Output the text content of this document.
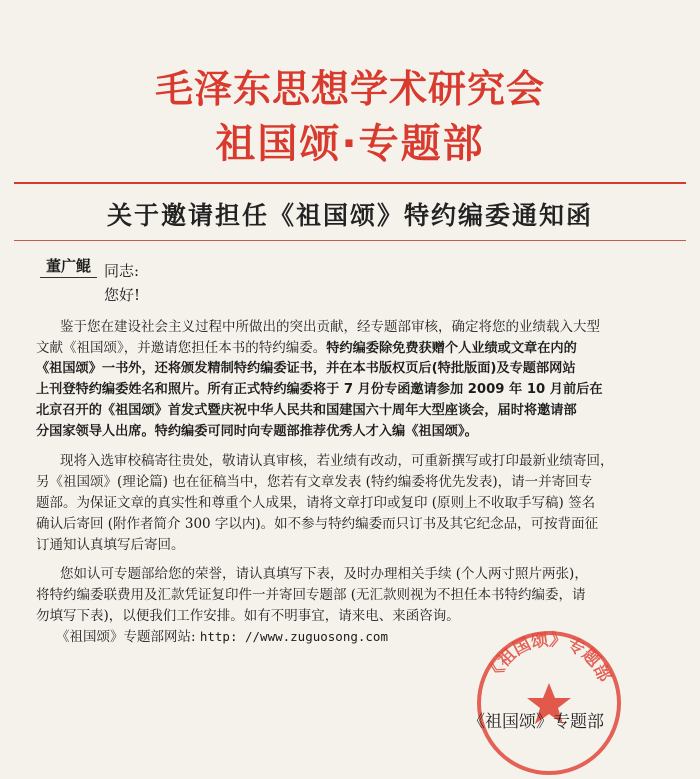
毛泽东思想学术研究会
祖国颂·专题部
关于邀请担任《祖国颂》特约编委通知函
董广鲲 同志:
您好!
鉴于您在建设社会主义过程中所做出的突出贡献，经专题部审核，确定将您的业绩载入大型
文献《祖国颂》，并邀请您担任本书的特约编委。特约编委除免费获赠个人业绩或文章在内的
《祖国颂》一书外，还将颁发精制特约编委证书，并在本书版权页后(特批版面)及专题部网站
上刊登特约编委姓名和照片。所有正式特约编委将于 7 月份专函邀请参加 2009 年 10 月前后在
北京召开的《祖国颂》首发式暨庆祝中华人民共和国建国六十周年大型座谈会，届时将邀请部
分国家领导人出席。特约编委可同时向专题部推荐优秀人才入编《祖国颂》。
现将入选审校稿寄往贵处，敬请认真审核，若业绩有改动，可重新撰写或打印最新业绩寄回，
另《祖国颂》(理论篇) 也在征稿当中，您若有文章发表 (特约编委将优先发表)，请一并寄回专
题部。为保证文章的真实性和尊重个人成果，请将文章打印或复印 (原则上不收取手写稿) 签名
确认后寄回 (附作者简介 300 字以内)。如不参与特约编委而只订书及其它纪念品，可按背面征
订通知认真填写后寄回。
您如认可专题部给您的荣誉，请认真填写下表，及时办理相关手续 (个人两寸照片两张)，
将特约编委联费用及汇款凭证复印件一并寄回专题部 (无汇款则视为不担任本书特约编委，请
勿填写下表)，以便我们工作安排。如有不明事宜，请来电、来函咨询。
《祖国颂》专题部网站: http: //www.zuguosong.com
《祖国颂》专题部
《祖国颂》专题部
